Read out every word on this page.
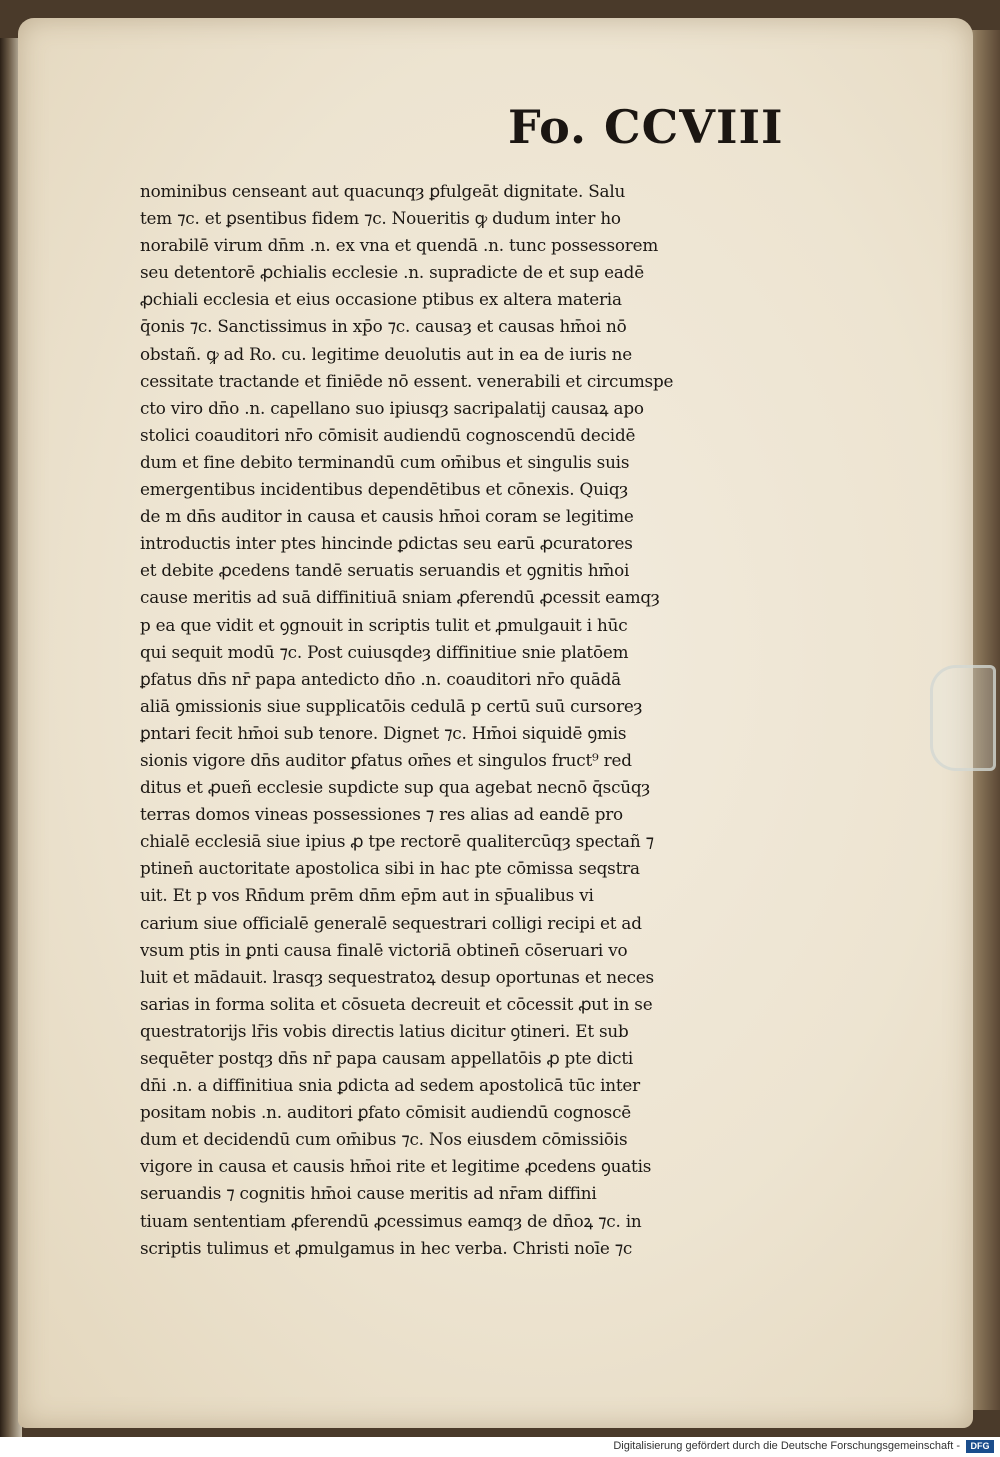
Fo. CCVIII
nominibus censeant aut quacunqȝ ꝑfulgeāt dignitate. Salu
tem ⁊c. et ꝑsentibus fidem ⁊c. Noueritis ꝙ dudum inter ho
norabilē virum dn̄m .n. ex vna et quendā .n. tunc possessorem
seu detentorē ꝓchialis ecclesie .n. supradicte de et sup eadē
ꝓchiali ecclesia et eius occasione ptibus ex altera materia
q̄onis ⁊c. Sanctissimus in xp̄o ⁊c. causaȝ et causas hm̄oi nō
obstañ. ꝙ ad Ro. cu. legitime deuolutis aut in ea de iuris ne
cessitate tractande et finiēde nō essent. venerabili et circumspe
cto viro dn̄o .n. capellano suo ipiusqȝ sacripalatij causaꝝ apo
stolici coauditori nr̄o cōmisit audiendū cognoscendū decidē
dum et fine debito terminandū cum om̄ibus et singulis suis
emergentibus incidentibus dependētibus et cōnexis. Quiqȝ
de m dn̄s auditor in causa et causis hm̄oi coram se legitime
introductis inter ptes hincinde ꝑdictas seu earū ꝓcuratores
et debite ꝓcedens tandē seruatis seruandis et ꝯgnitis hm̄oi
cause meritis ad suā diffinitiuā sniam ꝓferendū ꝓcessit eamqȝ
p ea que vidit et ꝯgnouit in scriptis tulit et ꝓmulgauit i hūc
qui sequit modū ⁊c. Post cuiusqdeȝ diffinitiue snie platōem
ꝑfatus dn̄s nr̄ papa antedicto dn̄o .n. coauditori nr̄o quādā
aliā ꝯmissionis siue supplicatōis cedulā p certū suū cursoreȝ
ꝑntari fecit hm̄oi sub tenore. Dignet ⁊c. Hm̄oi siquidē ꝯmis
sionis vigore dn̄s auditor ꝑfatus om̄es et singulos fruct⁹ red
ditus et ꝓueñ ecclesie supdicte sup qua agebat necnō q̄scūqȝ
terras domos vineas possessiones ⁊ res alias ad eandē pro
chialē ecclesiā siue ipius ꝓ tpe rectorē qualitercūqȝ spectañ ⁊
ptinen̄ auctoritate apostolica sibi in hac pte cōmissa seqstra
uit. Et p vos Rn̄dum prēm dn̄m ep̄m aut in sp̄ualibus vi
carium siue officialē generalē sequestrari colligi recipi et ad
vsum ptis in ꝑnti causa finalē victoriā obtinen̄ cōseruari vo
luit et mādauit. lrasqȝ sequestratoꝝ desup oportunas et neces
sarias in forma solita et cōsueta decreuit et cōcessit ꝓut in se
questratorijs lr̄is vobis directis latius dicitur ꝯtineri. Et sub
sequēter postqȝ dn̄s nr̄ papa causam appellatōis ꝓ pte dicti
dn̄i .n. a diffinitiua snia ꝑdicta ad sedem apostolicā tūc inter
positam nobis .n. auditori ꝑfato cōmisit audiendū cognoscē
dum et decidendū cum om̄ibus ⁊c. Nos eiusdem cōmissiōis
vigore in causa et causis hm̄oi rite et legitime ꝓcedens ꝯuatis
seruandis ⁊ cognitis hm̄oi cause meritis ad nr̄am diffini
tiuam sententiam ꝓferendū ꝓcessimus eamqȝ de dn̄oꝝ ⁊c. in
scriptis tulimus et ꝓmulgamus in hec verba. Christi noīe ⁊c
Digitalisierung gefördert durch die Deutsche Forschungsgemeinschaft -	DFG
